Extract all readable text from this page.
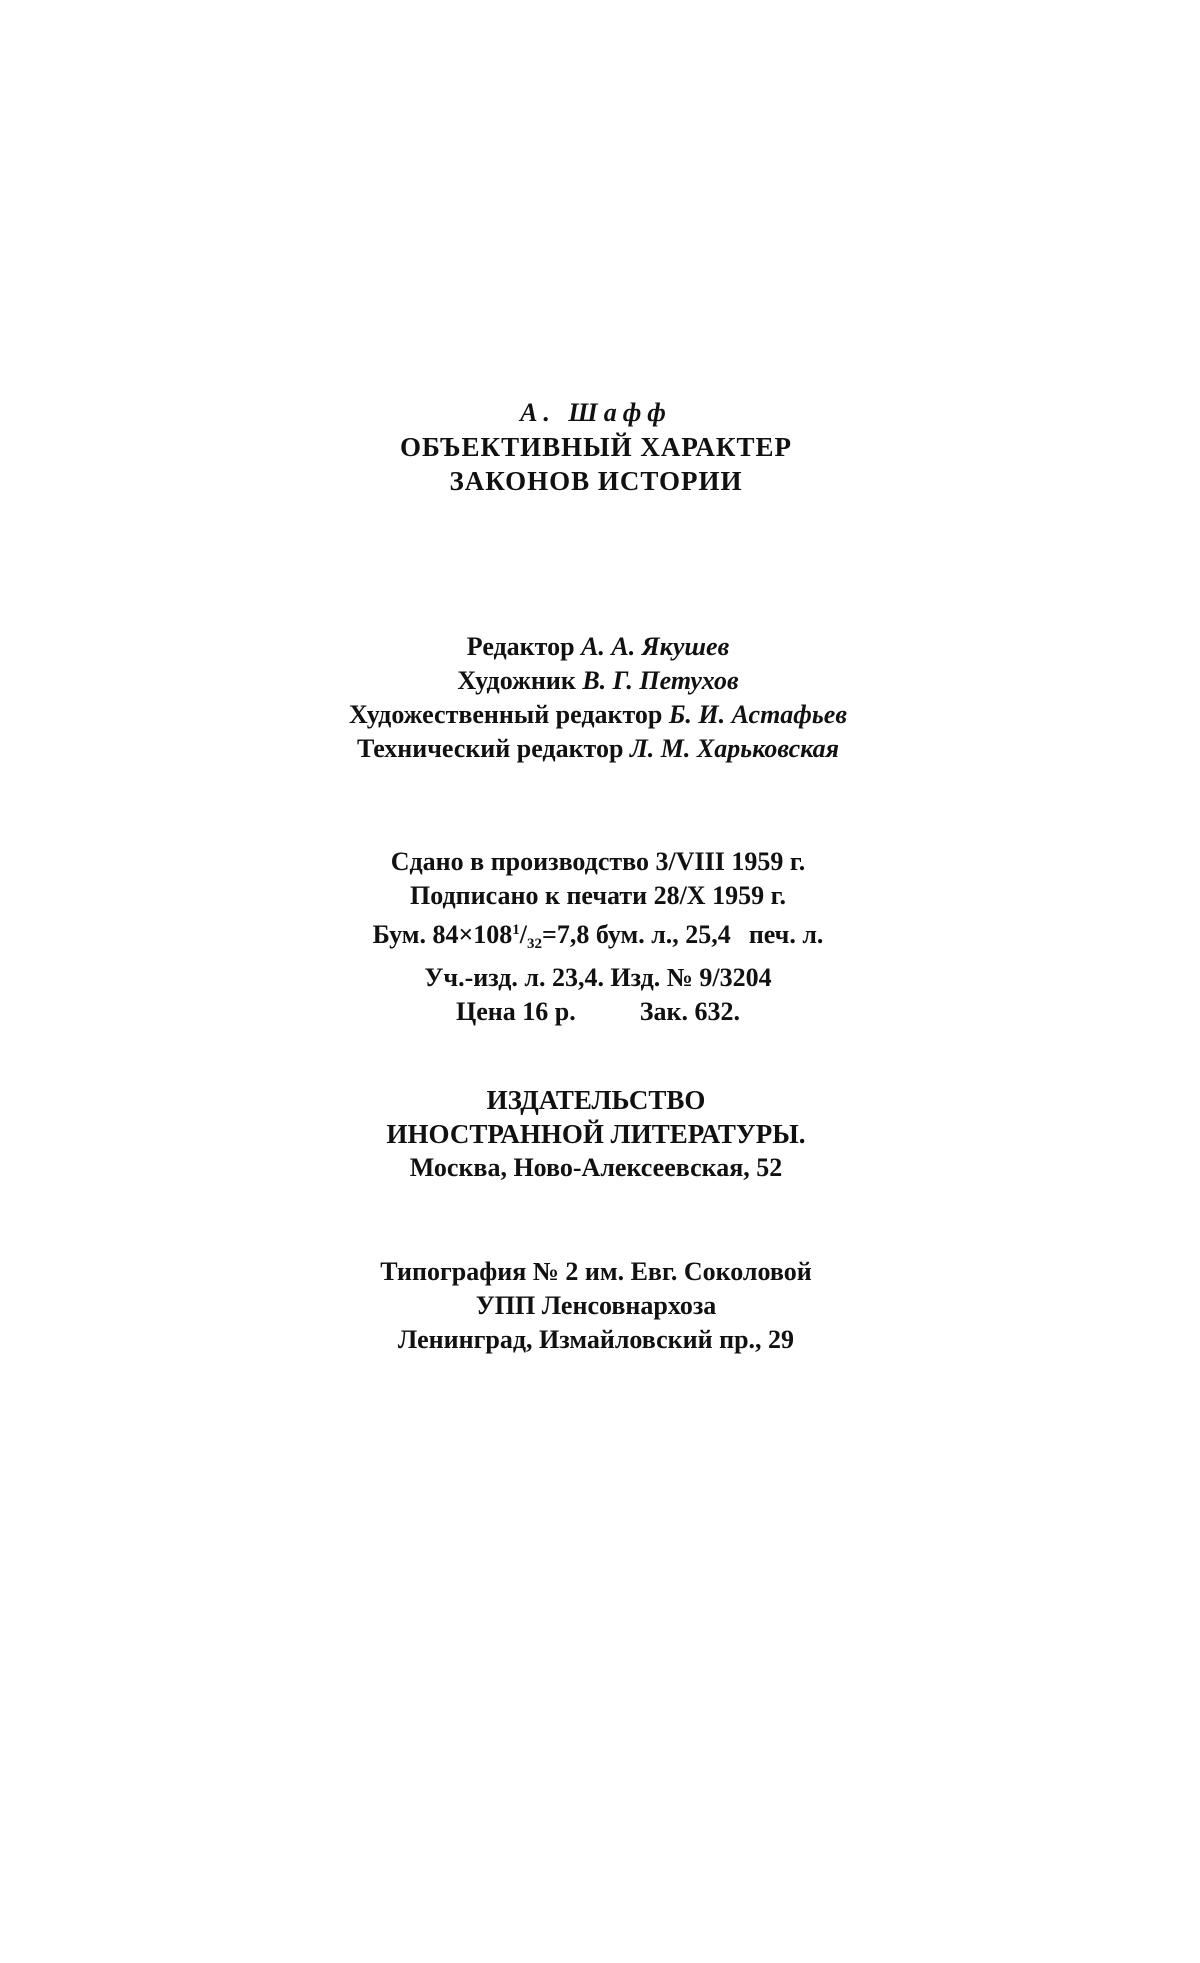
А. Шафф
ОБЪЕКТИВНЫЙ ХАРАКТЕР
ЗАКОНОВ ИСТОРИИ
Редактор А. А. Якушев
Художник В. Г. Петухов
Художественный редактор Б. И. Астафьев
Технический редактор Л. М. Харьковская
Сдано в производство 3/VIII 1959 г.
Подписано к печати 28/X 1959 г.
Бум. $84\times 108^1/_{32}=7,8$ бум. л., 25,4 печ. л.
Уч.-изд. л. 23,4. Изд. № 9/3204
Цена 16 р. Зак. 632.
ИЗДАТЕЛЬСТВО
ИНОСТРАННОЙ ЛИТЕРАТУРЫ.
Москва, Ново-Алексеевская, 52
Типография № 2 им. Евг. Соколовой
УПП Ленсовнархоза
Ленинград, Измайловский пр., 29
